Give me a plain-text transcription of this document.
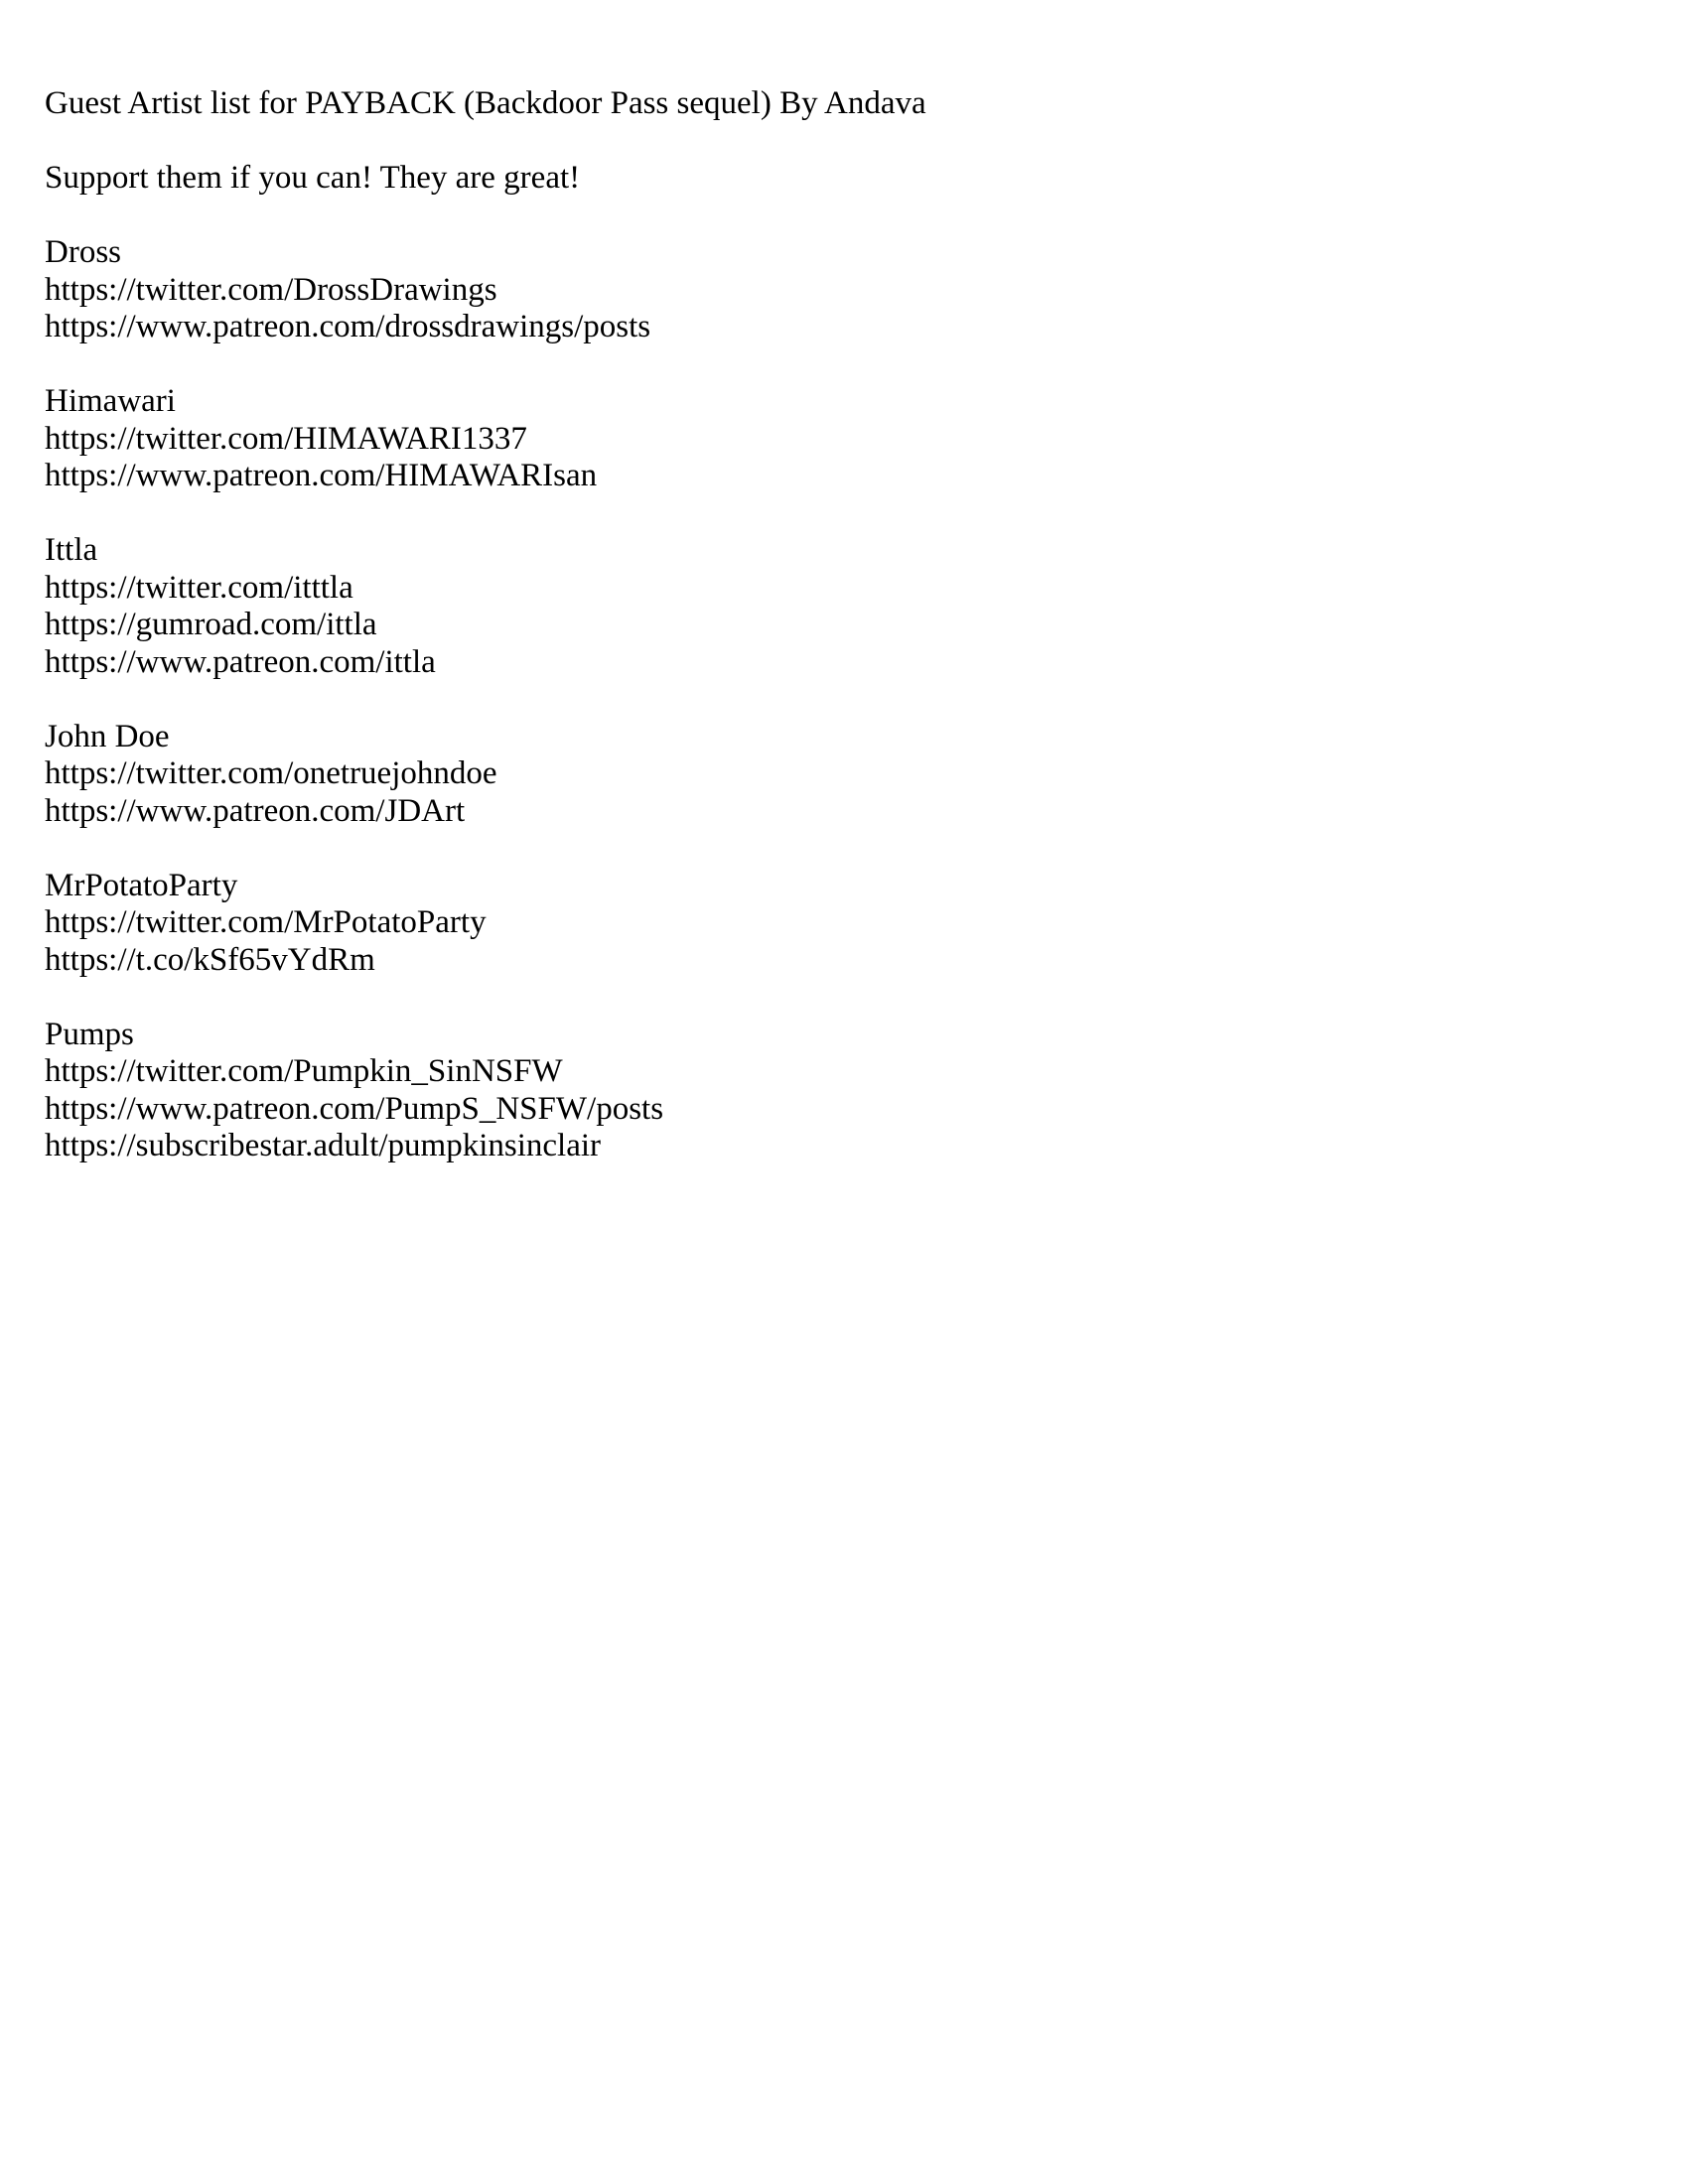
Guest Artist list for PAYBACK (Backdoor Pass sequel) By Andava
Support them if you can! They are great!
Dross
https://twitter.com/DrossDrawings
https://www.patreon.com/drossdrawings/posts
Himawari
https://twitter.com/HIMAWARI1337
https://www.patreon.com/HIMAWARIsan
Ittla
https://twitter.com/itttla
https://gumroad.com/ittla
https://www.patreon.com/ittla
John Doe
https://twitter.com/onetruejohndoe
https://www.patreon.com/JDArt
MrPotatoParty
https://twitter.com/MrPotatoParty
https://t.co/kSf65vYdRm
Pumps
https://twitter.com/Pumpkin_SinNSFW
https://www.patreon.com/PumpS_NSFW/posts
https://subscribestar.adult/pumpkinsinclair
